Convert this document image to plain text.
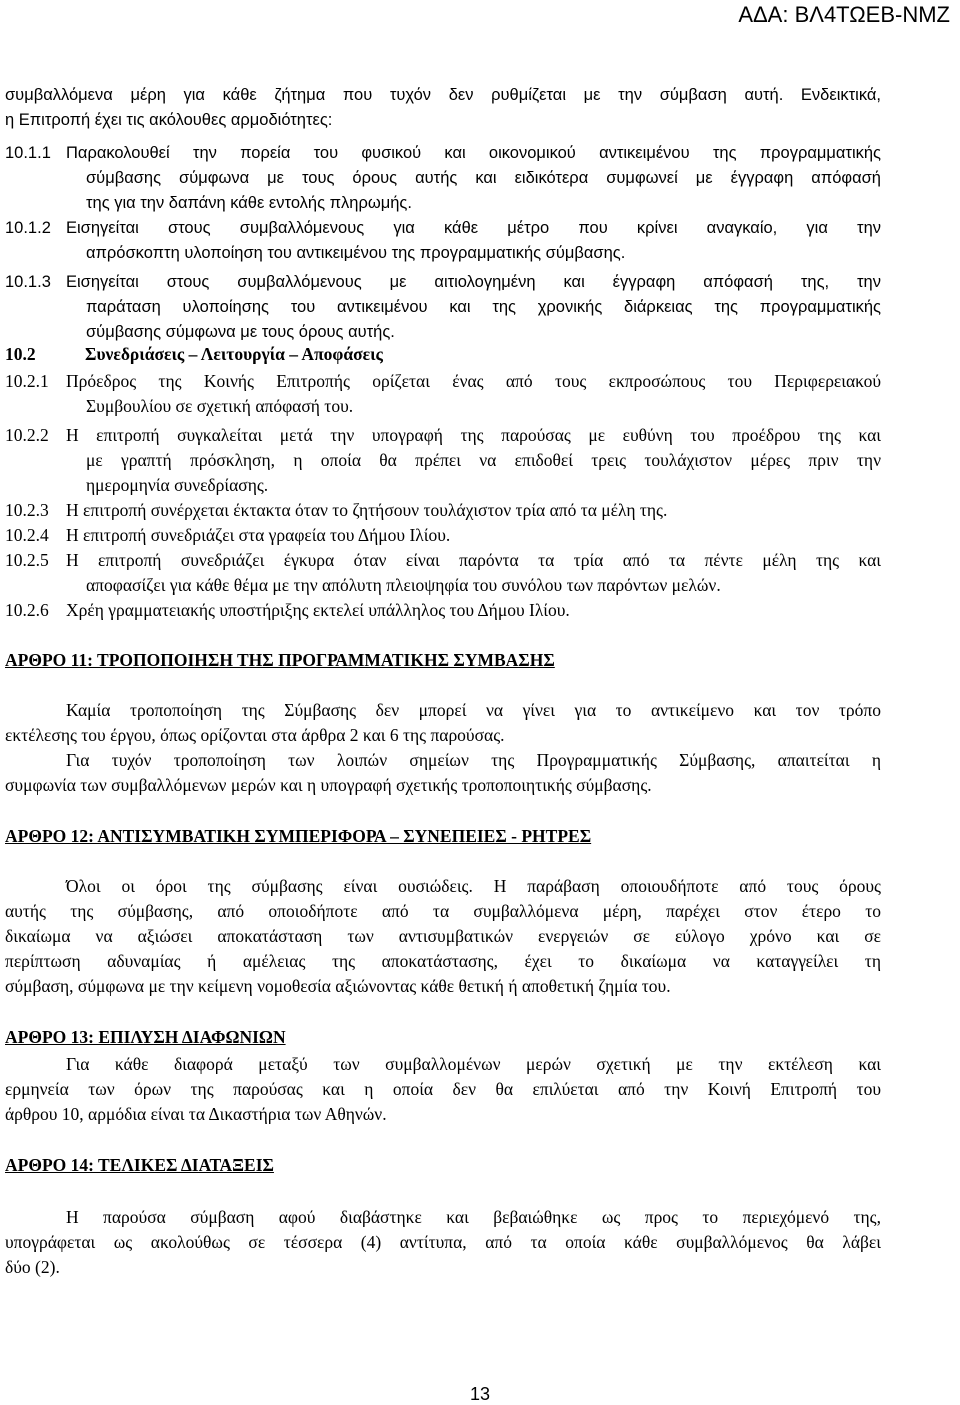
ΑΔΑ: ΒΛ4ΤΩΕΒ-ΝΜΖ
συμβαλλόμενα μέρη για κάθε ζήτημα που τυχόν δεν ρυθμίζεται με την σύμβαση αυτή. Ενδεικτικά,
η Επιτροπή έχει τις ακόλουθες αρμοδιότητες:
10.1.1 Παρακολουθεί την πορεία του φυσικού και οικονομικού αντικειμένου της προγραμματικής
σύμβασης σύμφωνα με τους όρους αυτής και ειδικότερα συμφωνεί με έγγραφη απόφασή
της για την δαπάνη κάθε εντολής πληρωμής.
10.1.2 Εισηγείται στους συμβαλλόμενους για κάθε μέτρο που κρίνει αναγκαίο, για την
απρόσκοπτη υλοποίηση του αντικειμένου της προγραμματικής σύμβασης.
10.1.3 Εισηγείται στους συμβαλλόμενους με αιτιολογημένη και έγγραφη απόφασή της, την
παράταση υλοποίησης του αντικειμένου και της χρονικής διάρκειας της προγραμματικής
σύμβασης σύμφωνα με τους όρους αυτής.
10.2	Συνεδριάσεις – Λειτουργία – Αποφάσεις
10.2.1 Πρόεδρος της Κοινής Επιτροπής ορίζεται ένας από τους εκπροσώπους του Περιφερειακού
Συμβουλίου σε σχετική απόφασή του.
10.2.2 Η επιτροπή συγκαλείται μετά την υπογραφή της παρούσας με ευθύνη του προέδρου της και
με γραπτή πρόσκληση, η οποία θα πρέπει να επιδοθεί τρεις τουλάχιστον μέρες πριν την
ημερομηνία συνεδρίασης.
10.2.3 Η επιτροπή συνέρχεται έκτακτα όταν το ζητήσουν τουλάχιστον τρία από τα μέλη της.
10.2.4 Η επιτροπή συνεδριάζει στα γραφεία του Δήμου Ιλίου.
10.2.5 Η επιτροπή συνεδριάζει έγκυρα όταν είναι παρόντα τα τρία από τα πέντε μέλη της και
αποφασίζει για κάθε θέμα με την απόλυτη πλειοψηφία του συνόλου των παρόντων μελών.
10.2.6 Χρέη γραμματειακής υποστήριξης εκτελεί υπάλληλος του Δήμου Ιλίου.
ΑΡΘΡΟ 11: ΤΡΟΠΟΠΟΙΗΣΗ ΤΗΣ ΠΡΟΓΡΑΜΜΑΤΙΚΗΣ ΣΥΜΒΑΣΗΣ
Καμία τροποποίηση της Σύμβασης δεν μπορεί να γίνει για το αντικείμενο και τον τρόπο
εκτέλεσης του έργου, όπως ορίζονται στα άρθρα 2 και 6 της παρούσας.
Για τυχόν τροποποίηση των λοιπών σημείων της Προγραμματικής Σύμβασης, απαιτείται η
συμφωνία των συμβαλλόμενων μερών και η υπογραφή σχετικής τροποποιητικής σύμβασης.
ΑΡΘΡΟ 12: ΑΝΤΙΣΥΜΒΑΤΙΚΗ ΣΥΜΠΕΡΙΦΟΡΑ – ΣΥΝΕΠΕΙΕΣ - ΡΗΤΡΕΣ
Όλοι οι όροι της σύμβασης είναι ουσιώδεις. Η παράβαση οποιουδήποτε από τους όρους
αυτής της σύμβασης, από οποιοδήποτε από τα συμβαλλόμενα μέρη, παρέχει στον έτερο το
δικαίωμα να αξιώσει αποκατάσταση των αντισυμβατικών ενεργειών σε εύλογο χρόνο και σε
περίπτωση αδυναμίας ή αμέλειας της αποκατάστασης, έχει το δικαίωμα να καταγγείλει τη
σύμβαση, σύμφωνα με την κείμενη νομοθεσία αξιώνοντας κάθε θετική ή αποθετική ζημία του.
ΑΡΘΡΟ 13: ΕΠΙΛΥΣΗ ΔΙΑΦΩΝΙΩΝ
Για κάθε διαφορά μεταξύ των συμβαλλομένων μερών σχετική με την εκτέλεση και
ερμηνεία των όρων της παρούσας και η οποία δεν θα επιλύεται από την Κοινή Επιτροπή του
άρθρου 10, αρμόδια είναι τα Δικαστήρια των Αθηνών.
ΑΡΘΡΟ 14: ΤΕΛΙΚΕΣ ΔΙΑΤΑΞΕΙΣ
Η παρούσα σύμβαση αφού διαβάστηκε και βεβαιώθηκε ως προς το περιεχόμενό της,
υπογράφεται ως ακολούθως σε τέσσερα (4) αντίτυπα, από τα οποία κάθε συμβαλλόμενος θα λάβει
δύο (2).
13
